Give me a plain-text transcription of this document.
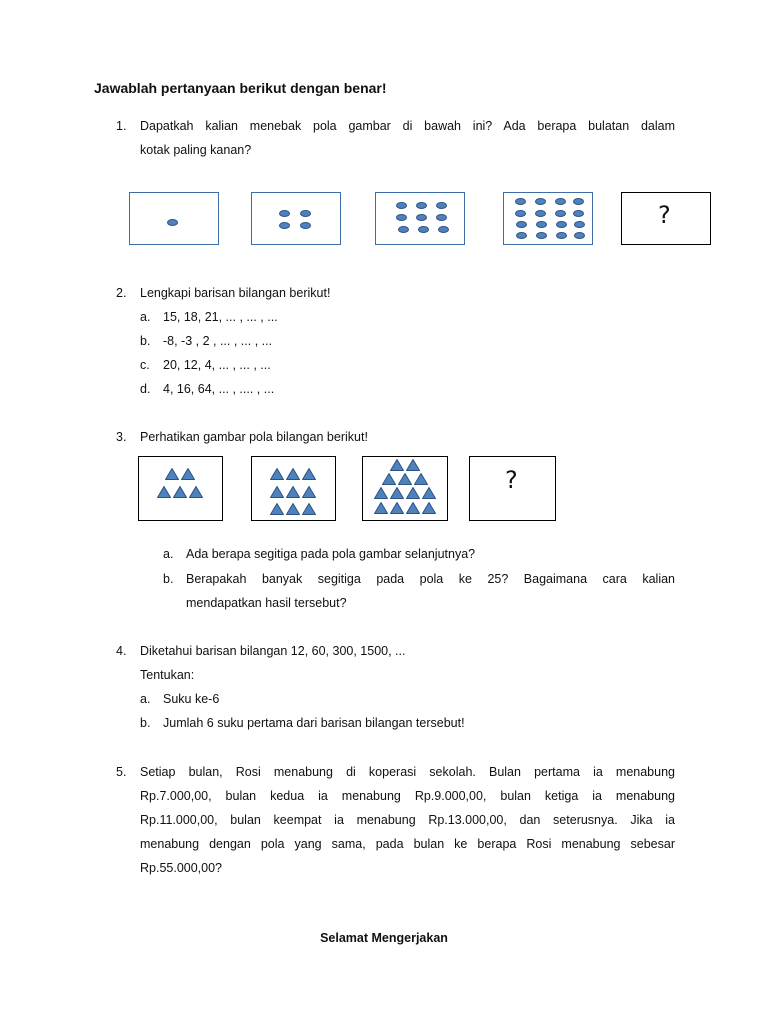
Jawablah pertanyaan berikut dengan benar!
1. Dapatkah kalian menebak pola gambar di bawah ini? Ada berapa bulatan dalam
kotak paling kanan?
?
2. Lengkapi barisan bilangan berikut!
a. 15, 18, 21, ... , ... , ...
b. -8, -3 , 2 , ... , ... , ...
c. 20, 12, 4, ... , ... , ...
d. 4, 16, 64, ... , .... , ...
3. Perhatikan gambar pola bilangan berikut!
?
a. Ada berapa segitiga pada pola gambar selanjutnya?
b. Berapakah banyak segitiga pada pola ke 25? Bagaimana cara kalian
mendapatkan hasil tersebut?
4. Diketahui barisan bilangan 12, 60, 300, 1500, ...
Tentukan:
a. Suku ke-6
b. Jumlah 6 suku pertama dari barisan bilangan tersebut!
5. Setiap bulan, Rosi menabung di koperasi sekolah. Bulan pertama ia menabung
Rp.7.000,00, bulan kedua ia menabung Rp.9.000,00, bulan ketiga ia menabung
Rp.11.000,00, bulan keempat ia menabung Rp.13.000,00, dan seterusnya. Jika ia
menabung dengan pola yang sama, pada bulan ke berapa Rosi menabung sebesar
Rp.55.000,00?
Selamat Mengerjakan
